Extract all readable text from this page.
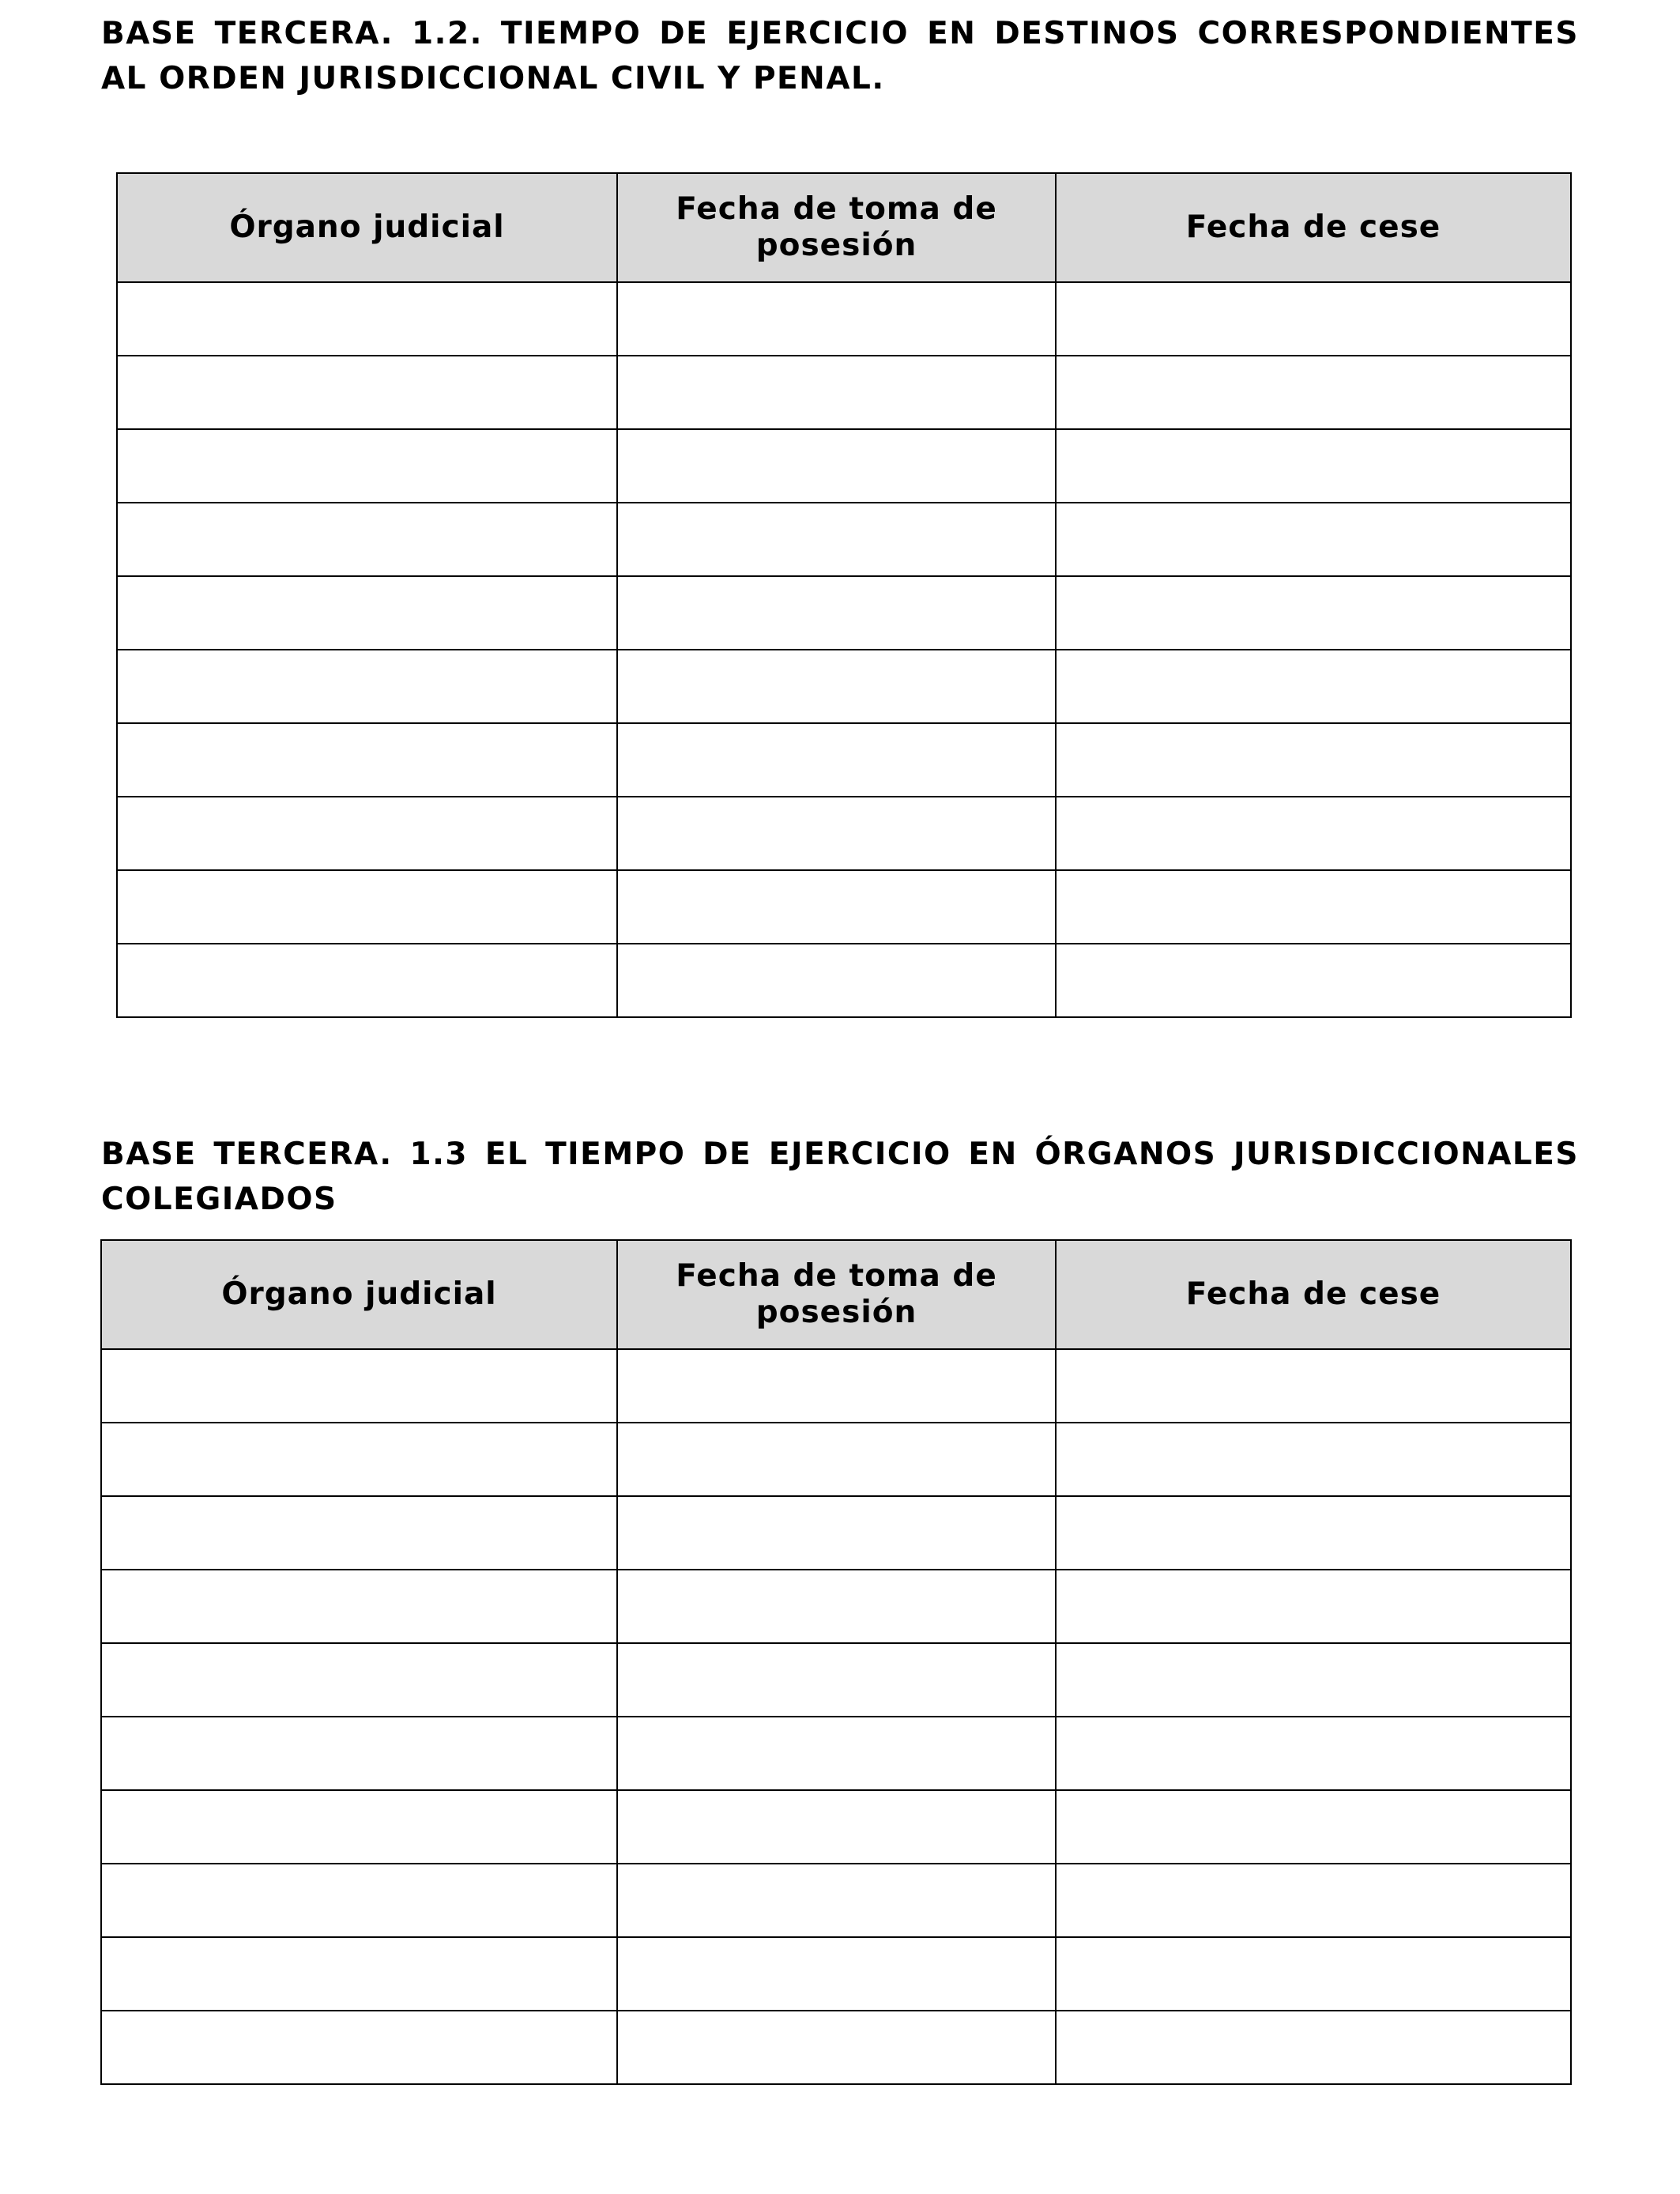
BASE TERCERA. 1.2. TIEMPO DE EJERCICIO EN DESTINOS CORRESPONDIENTES AL ORDEN JURISDICCIONAL CIVIL Y PENAL.
Órgano judicial	Fecha de toma de posesión	Fecha de cese

BASE TERCERA. 1.3 EL TIEMPO DE EJERCICIO EN ÓRGANOS JURISDICCIONALES COLEGIADOS
Órgano judicial	Fecha de toma de posesión	Fecha de cese
